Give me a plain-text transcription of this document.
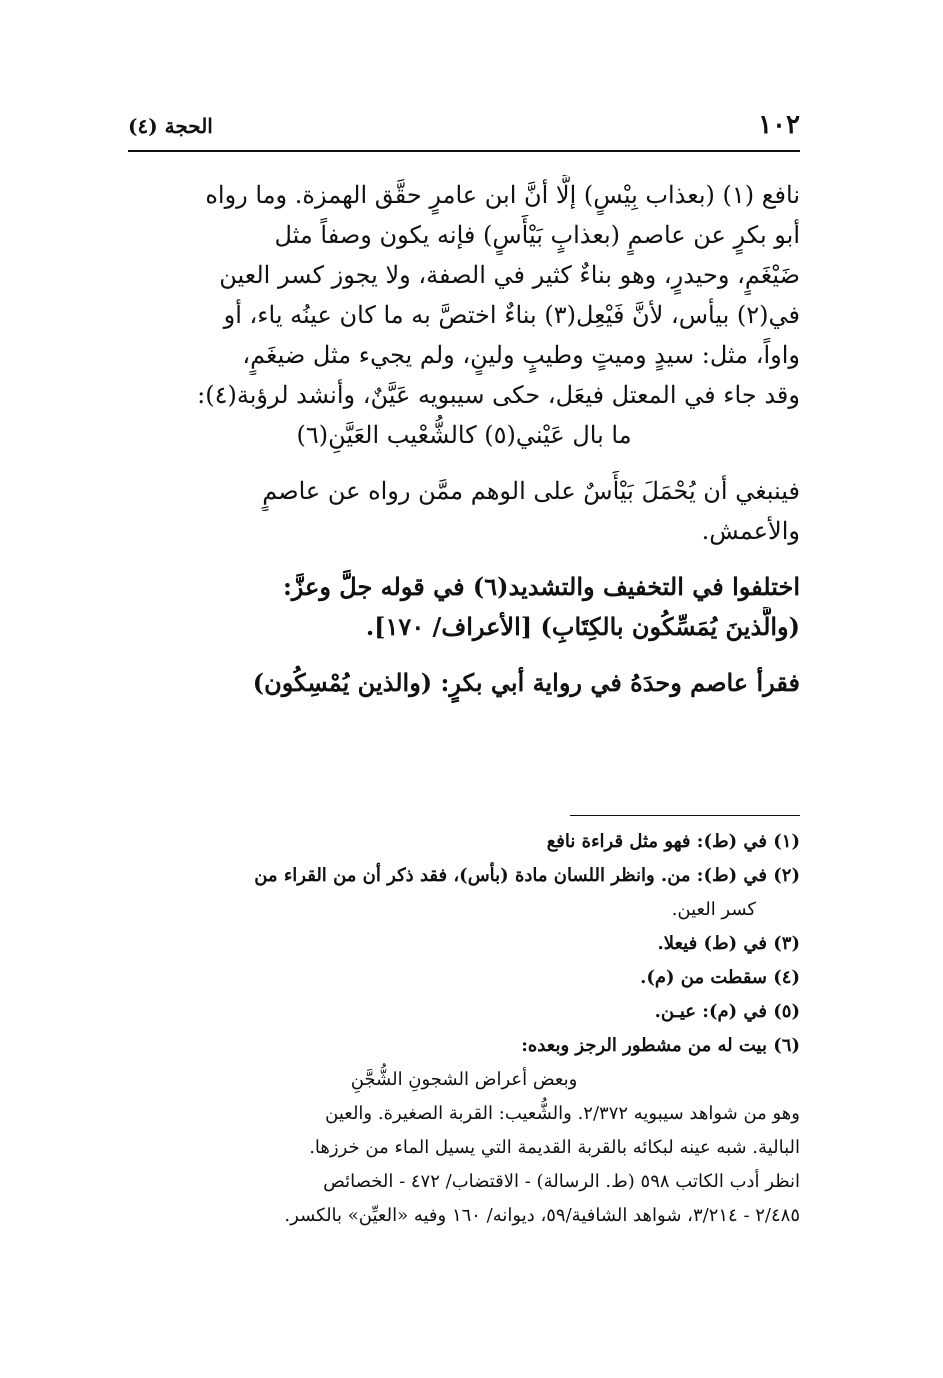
١٠٢
الحجة (٤)
نافع (١) (بعذاب بِيْسٍ) إلَّا أنَّ ابن عامرٍ حقَّق الهمزة. وما رواه
أبو بكرٍ عن عاصمٍ (بعذابٍ بَيْأَسٍ) فإنه يكون وصفاً مثل
ضَيْغَمٍ، وحيدرٍ، وهو بناءٌ كثير في الصفة، ولا يجوز كسر العين
في(٢) بيأس، لأنَّ فَيْعِل(٣) بناءٌ اختصَّ به ما كان عينُه ياء، أو
واواً، مثل: سيدٍ وميتٍ وطيبٍ ولينٍ، ولم يجيء مثل ضيغَمٍ،
وقد جاء في المعتل فيعَل، حكى سيبويه عَيَّنٌ، وأنشد لرؤبة(٤):
ما بال عَيْني(٥) كالشُّعْيب العَيَّنِ(٦)
فينبغي أن يُحْمَلَ بَيْأَسٌ على الوهم ممَّن رواه عن عاصمٍ
والأعمش.
اختلفوا في التخفيف والتشديد(٦) في قوله جلَّ وعزَّ:
(والَّذينَ يُمَسِّكُون بالكِتَابِ) [الأعراف/ ١٧٠].
فقرأ عاصم وحدَهُ في رواية أبي بكرٍ: (والذين يُمْسِكُون)
(١) في (ط): فهو مثل قراءة نافع
(٢) في (ط): من. وانظر اللسان مادة (بأس)، فقد ذكر أن من القراء من
كسر العين.
(٣) في (ط) فيعلا.
(٤) سقطت من (م).
(٥) في (م): عيـن.
(٦) بيت له من مشطور الرجز وبعده:
وبعض أعراض الشجونِ الشُّجَّنِ
وهو من شواهد سيبويه ٢/٣٧٢. والشُّعيب: القربة الصغيرة. والعين
البالية. شبه عينه لبكائه بالقربة القديمة التي يسيل الماء من خرزها.
انظر أدب الكاتب ٥٩٨ (ط. الرسالة) - الاقتضاب/ ٤٧٢ - الخصائص
٢/٤٨٥ - ٣/٢١٤، شواهد الشافية/٥٩، ديوانه/ ١٦٠ وفيه «العيِّن» بالكسر.
